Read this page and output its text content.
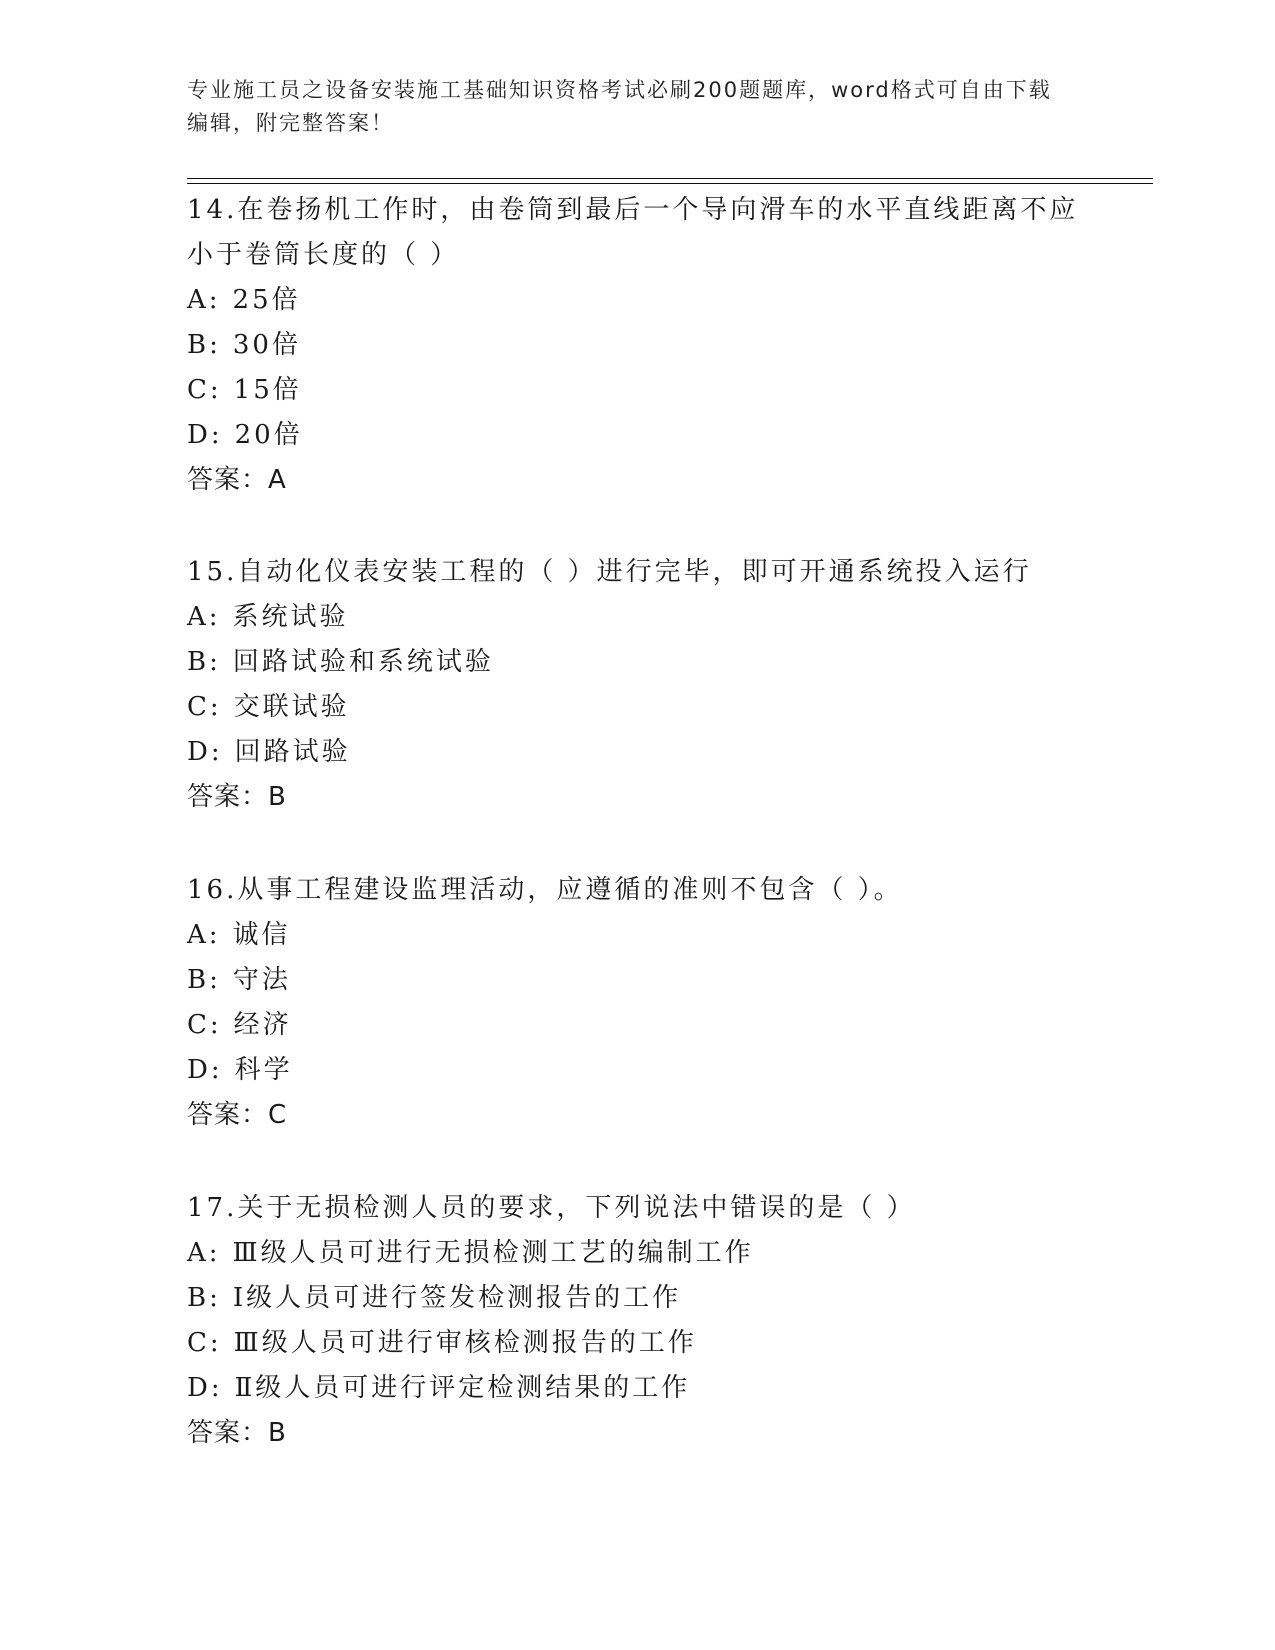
专业施工员之设备安装施工基础知识资格考试必刷200题题库，word格式可自由下载编辑，附完整答案！

14.在卷扬机工作时，由卷筒到最后一个导向滑车的水平直线距离不应小于卷筒长度的（ ）

A: 25倍

B: 30倍

C: 15倍

D: 20倍

答案：A

15.自动化仪表安装工程的（ ）进行完毕，即可开通系统投入运行

A: 系统试验

B: 回路试验和系统试验

C: 交联试验

D: 回路试验

答案：B

16.从事工程建设监理活动，应遵循的准则不包含（ ）。

A: 诚信

B: 守法

C: 经济

D: 科学

答案：C

17.关于无损检测人员的要求，下列说法中错误的是（ ）

A: Ⅲ级人员可进行无损检测工艺的编制工作

B: Ⅰ级人员可进行签发检测报告的工作

C: Ⅲ级人员可进行审核检测报告的工作

D: Ⅱ级人员可进行评定检测结果的工作

答案：B
